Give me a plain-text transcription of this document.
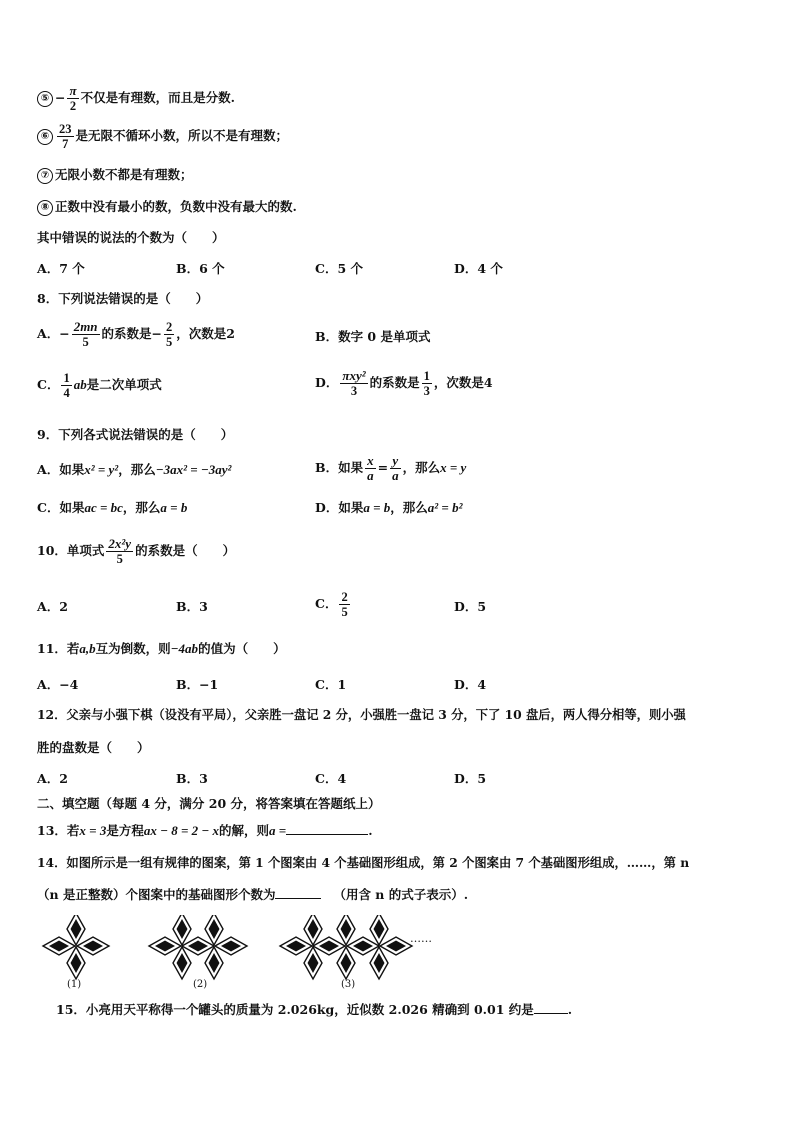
⑤ − $\frac{\pi}{2}$ 不仅是有理数，而且是分数.
⑥ $\frac{23}{7}$ 是无限不循环小数，所以不是有理数；
⑦ 无限小数不都是有理数；
⑧ 正数中没有最小的数，负数中没有最大的数.
其中错误的说法的个数为（　　）
A．7 个	B．6 个	C．5 个	D．4 个
8．下列说法错误的是（　　）
A．− $\frac{2mn}{5}$ 的系数是− $\frac{2}{5}$ ，次数是2	B．数字 0 是单项式
C． $\frac{1}{4}$ ab是二次单项式	D． $\frac{\text{πxy²}}{3}$ 的系数是 $\frac{1}{3}$ ，次数是4
9．下列各式说法错误的是（　　）
A．如果x² = y²，那么−3ax² = −3ay²	B．如果 $\frac{x}{a} = \frac{y}{a}$ ，那么x = y
C．如果ac = bc，那么a = b	D．如果a = b，那么a² = b²
10．单项式 $\frac{\text{2x²y}}{5}$ 的系数是（　　）
A．2	B．3	C． $\frac{2}{5}$	D．5
11．若a,b互为倒数，则−4ab的值为（　　）
A．−4	B．−1	C．1	D．4
12．父亲与小强下棋（设没有平局），父亲胜一盘记 2 分，小强胜一盘记 3 分，下了 10 盘后，两人得分相等，则小强
胜的盘数是（　　）
A．2	B．3	C．4	D．5
二、填空题（每题 4 分，满分 20 分，将答案填在答题纸上）
13．若x = 3是方程ax − 8 = 2 − x的解，则a =	.
14．如图所示是一组有规律的图案，第 1 个图案由 4 个基础图形组成，第 2 个图案由 7 个基础图形组成，……，第 n
（n 是正整数）个图案中的基础图形个数为	（用含 n 的式子表示）.
……
(1)	(2)	(3)
15．小亮用天平称得一个罐头的质量为 2.026kg，近似数 2.026 精确到 0.01 约是	.
